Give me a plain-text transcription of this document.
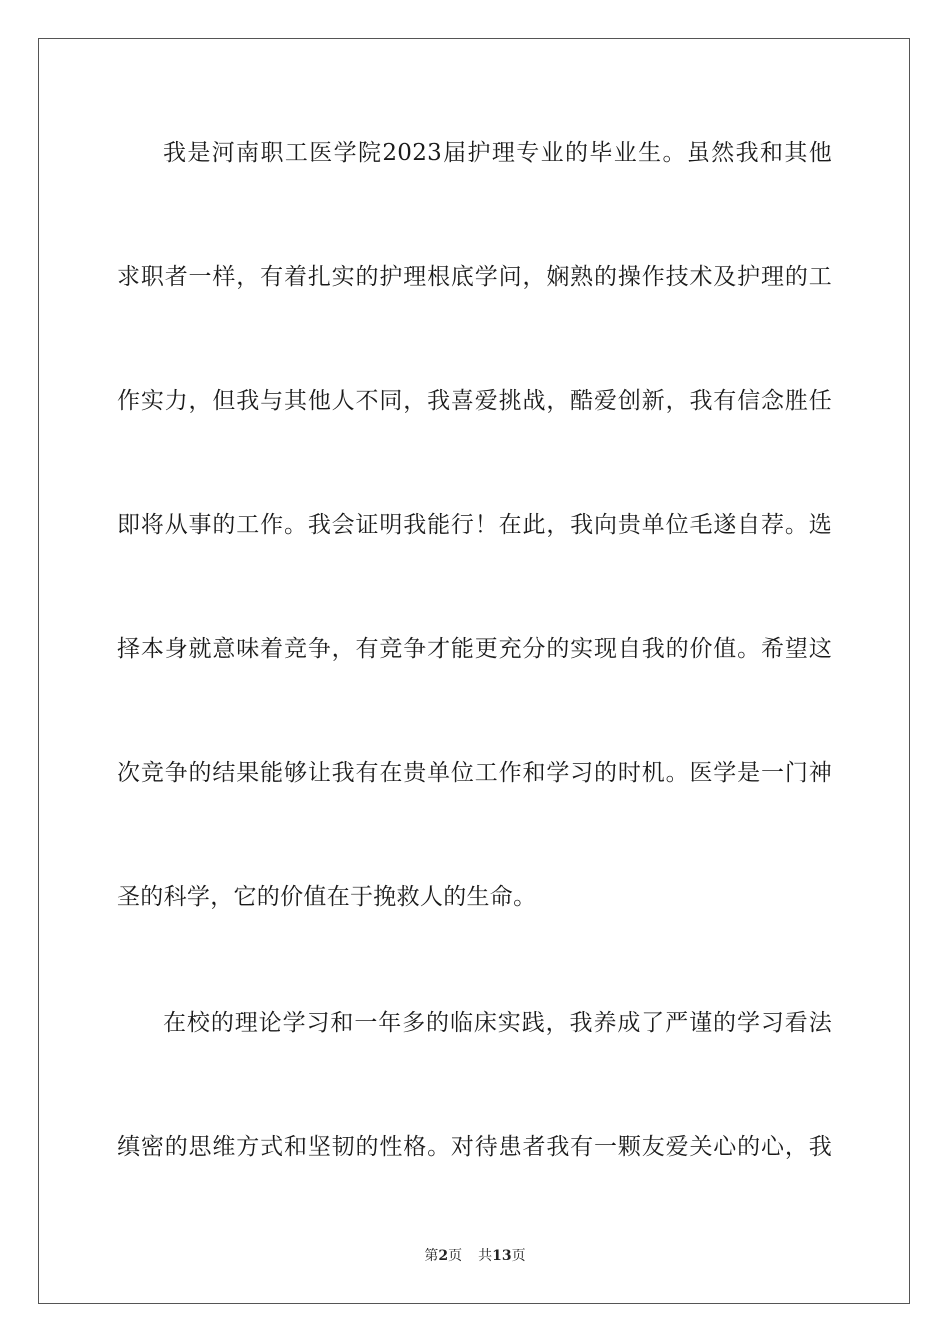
我是河南职工医学院2023届护理专业的毕业生。虽然我和其他
求职者一样，有着扎实的护理根底学问，娴熟的操作技术及护理的工
作实力，但我与其他人不同，我喜爱挑战，酷爱创新，我有信念胜任
即将从事的工作。我会证明我能行！在此，我向贵单位毛遂自荐。选
择本身就意味着竞争，有竞争才能更充分的实现自我的价值。希望这
次竞争的结果能够让我有在贵单位工作和学习的时机。医学是一门神
圣的科学，它的价值在于挽救人的生命。
在校的理论学习和一年多的临床实践，我养成了严谨的学习看法
缜密的思维方式和坚韧的性格。对待患者我有一颗友爱关心的心，我
第2页 共13页
